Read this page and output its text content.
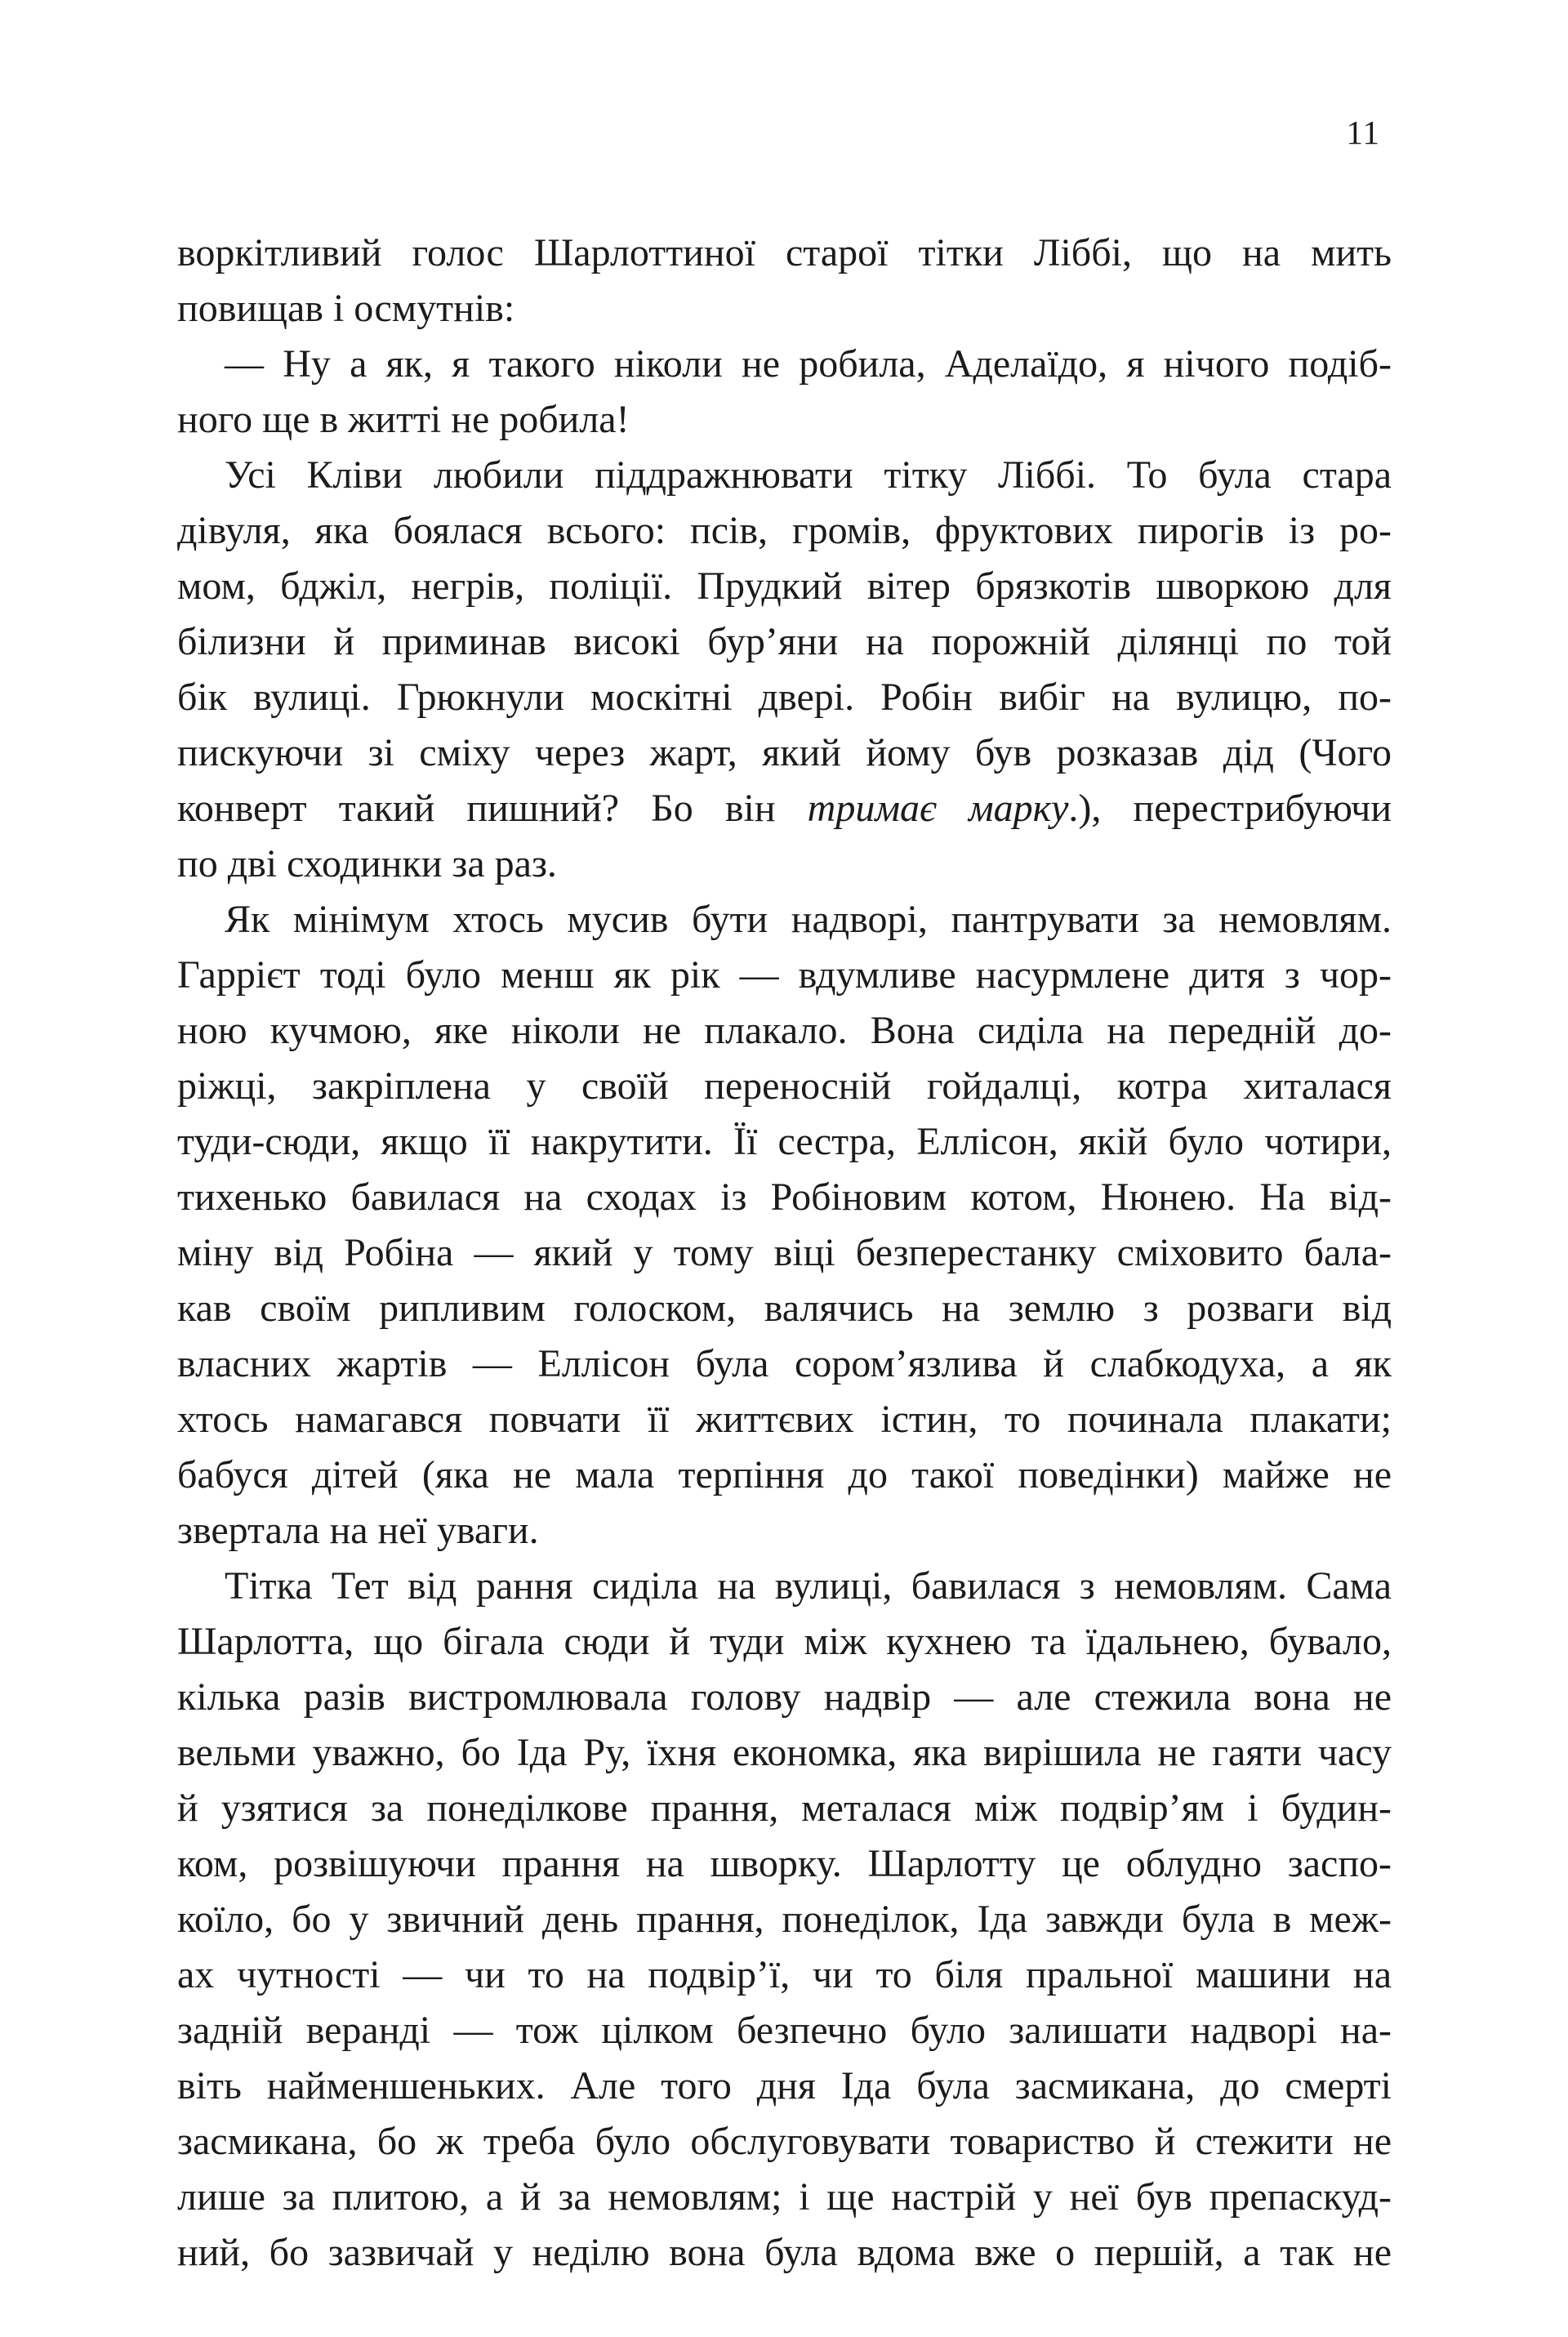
11
воркітливий голос Шарлоттиної старої тітки Ліббі, що на мить
повищав і осмутнів:
— Ну а як, я такого ніколи не робила, Аделаїдо, я нічого подіб-
ного ще в житті не робила!
Усі Кліви любили піддражнювати тітку Ліббі. То була стара
дівуля, яка боялася всього: псів, громів, фруктових пирогів із ро-
мом, бджіл, негрів, поліції. Прудкий вітер брязкотів шворкою для
білизни й приминав високі бур’яни на порожній ділянці по той
бік вулиці. Грюкнули москітні двері. Робін вибіг на вулицю, по-
пискуючи зі сміху через жарт, який йому був розказав дід (Чого
конверт такий пишний? Бо він тримає марку.), перестрибуючи
по дві сходинки за раз.
Як мінімум хтось мусив бути надворі, пантрувати за немовлям.
Гаррієт тоді було менш як рік — вдумливе насурмлене дитя з чор-
ною кучмою, яке ніколи не плакало. Вона сиділа на передній до-
ріжці, закріплена у своїй переносній гойдалці, котра хиталася
туди-сюди, якщо її накрутити. Її сестра, Еллісон, якій було чотири,
тихенько бавилася на сходах із Робіновим котом, Нюнею. На від-
міну від Робіна — який у тому віці безперестанку сміховито бала-
кав своїм рипливим голоском, валячись на землю з розваги від
власних жартів — Еллісон була сором’язлива й слабкодуха, а як
хтось намагався повчати її життєвих істин, то починала плакати;
бабуся дітей (яка не мала терпіння до такої поведінки) майже не
звертала на неї уваги.
Тітка Тет від рання сиділа на вулиці, бавилася з немовлям. Сама
Шарлотта, що бігала сюди й туди між кухнею та їдальнею, бувало,
кілька разів вистромлювала голову надвір — але стежила вона не
вельми уважно, бо Іда Ру, їхня економка, яка вирішила не гаяти часу
й узятися за понеділкове прання, металася між подвір’ям і будин-
ком, розвішуючи прання на шворку. Шарлотту це облудно заспо-
коїло, бо у звичний день прання, понеділок, Іда завжди була в меж-
ах чутності — чи то на подвір’ї, чи то біля пральної машини на
задній веранді — тож цілком безпечно було залишати надворі на-
віть найменшеньких. Але того дня Іда була засмикана, до смерті
засмикана, бо ж треба було обслуговувати товариство й стежити не
лише за плитою, а й за немовлям; і ще настрій у неї був препаскуд-
ний, бо зазвичай у неділю вона була вдома вже о першій, а так не
